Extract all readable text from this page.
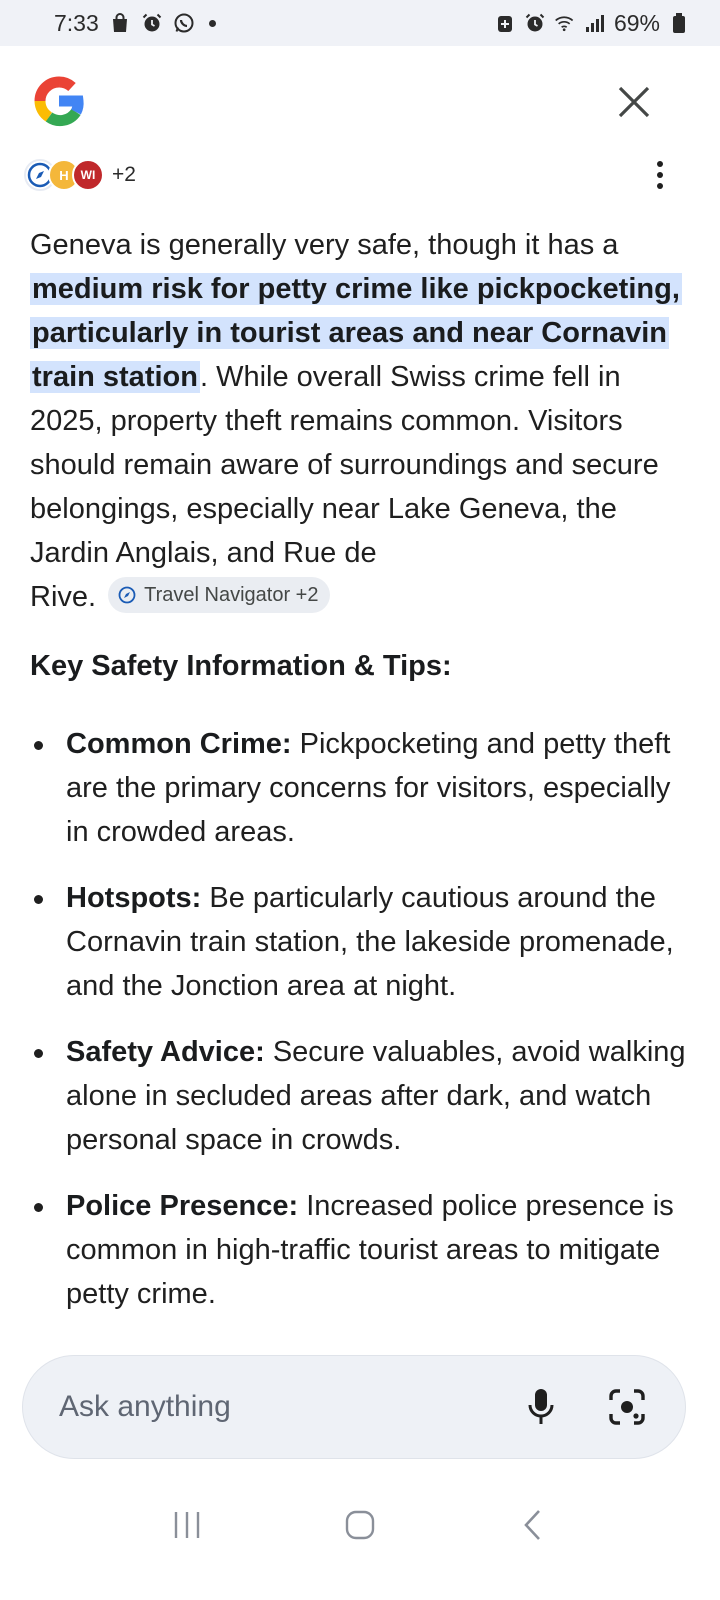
7:33	69%
H WI +2
Geneva is generally very safe, though it has a medium risk for petty crime like pickpocketing, particularly in tourist areas and near Cornavin train station. While overall Swiss crime fell in 2025, property theft remains common. Visitors should remain aware of surroundings and secure belongings, especially near Lake Geneva, the Jardin Anglais, and Rue de
Rive. Travel Navigator +2
Key Safety Information & Tips:
Common Crime: Pickpocketing and petty theft are the primary concerns for visitors, especially in crowded areas.
Hotspots: Be particularly cautious around the Cornavin train station, the lakeside promenade, and the Jonction area at night.
Safety Advice: Secure valuables, avoid walking alone in secluded areas after dark, and watch personal space in crowds.
Police Presence: Increased police presence is common in high-traffic tourist areas to mitigate petty crime.
Ask anything
